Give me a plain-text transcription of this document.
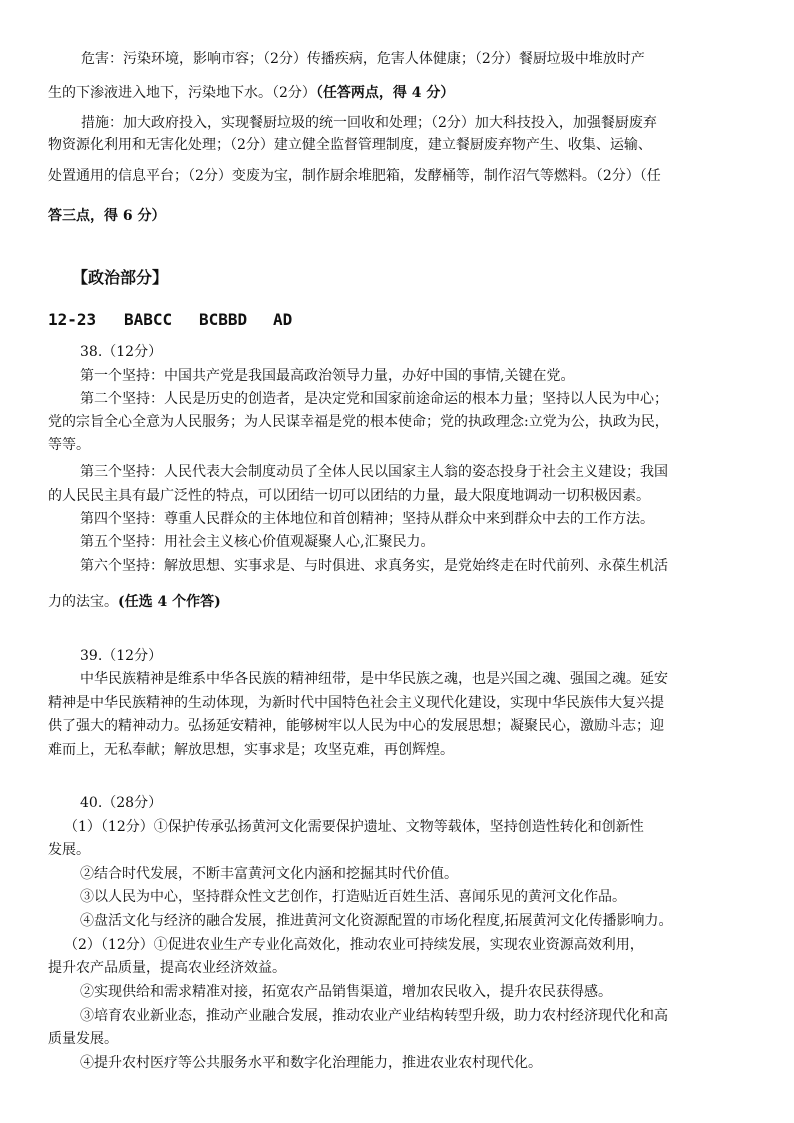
危害：污染环境，影响市容；（2分）传播疾病，危害人体健康；（2分）餐厨垃圾中堆放时产
生的下渗液进入地下，污染地下水。（2分）（任答两点，得 4 分）
措施：加大政府投入，实现餐厨垃圾的统一回收和处理；（2分）加大科技投入，加强餐厨废弃
物资源化利用和无害化处理；（2分）建立健全监督管理制度，建立餐厨废弃物产生、收集、运输、
处置通用的信息平台；（2分）变废为宝，制作厨余堆肥箱，发酵桶等，制作沼气等燃料。（2分）（任
答三点，得 6 分）
【政治部分】
12-23 BABCC BCBBD AD
38.（12分）
第一个坚持：中国共产党是我国最高政治领导力量，办好中国的事情,关键在党。
第二个坚持：人民是历史的创造者，是决定党和国家前途命运的根本力量；坚持以人民为中心；
党的宗旨全心全意为人民服务；为人民谋幸福是党的根本使命；党的执政理念:立党为公，执政为民，
等等。
第三个坚持：人民代表大会制度动员了全体人民以国家主人翁的姿态投身于社会主义建设；我国
的人民民主具有最广泛性的特点，可以团结一切可以团结的力量，最大限度地调动一切积极因素。
第四个坚持：尊重人民群众的主体地位和首创精神；坚持从群众中来到群众中去的工作方法。
第五个坚持：用社会主义核心价值观凝聚人心,汇聚民力。
第六个坚持：解放思想、实事求是、与时俱进、求真务实，是党始终走在时代前列、永葆生机活
力的法宝。(任选 4 个作答)
39.（12分）
中华民族精神是维系中华各民族的精神纽带，是中华民族之魂，也是兴国之魂、强国之魂。延安
精神是中华民族精神的生动体现，为新时代中国特色社会主义现代化建设，实现中华民族伟大复兴提
供了强大的精神动力。弘扬延安精神，能够树牢以人民为中心的发展思想；凝聚民心，激励斗志；迎
难而上，无私奉献；解放思想，实事求是；攻坚克难，再创辉煌。
40.（28分）
（1）（12分）①保护传承弘扬黄河文化需要保护遗址、文物等载体，坚持创造性转化和创新性
发展。
②结合时代发展，不断丰富黄河文化内涵和挖掘其时代价值。
③以人民为中心，坚持群众性文艺创作，打造贴近百姓生活、喜闻乐见的黄河文化作品。
④盘活文化与经济的融合发展，推进黄河文化资源配置的市场化程度,拓展黄河文化传播影响力。
（2）（12分）①促进农业生产专业化高效化，推动农业可持续发展，实现农业资源高效利用，
提升农产品质量，提高农业经济效益。
②实现供给和需求精准对接，拓宽农产品销售渠道，增加农民收入，提升农民获得感。
③培育农业新业态，推动产业融合发展，推动农业产业结构转型升级，助力农村经济现代化和高
质量发展。
④提升农村医疗等公共服务水平和数字化治理能力，推进农业农村现代化。
